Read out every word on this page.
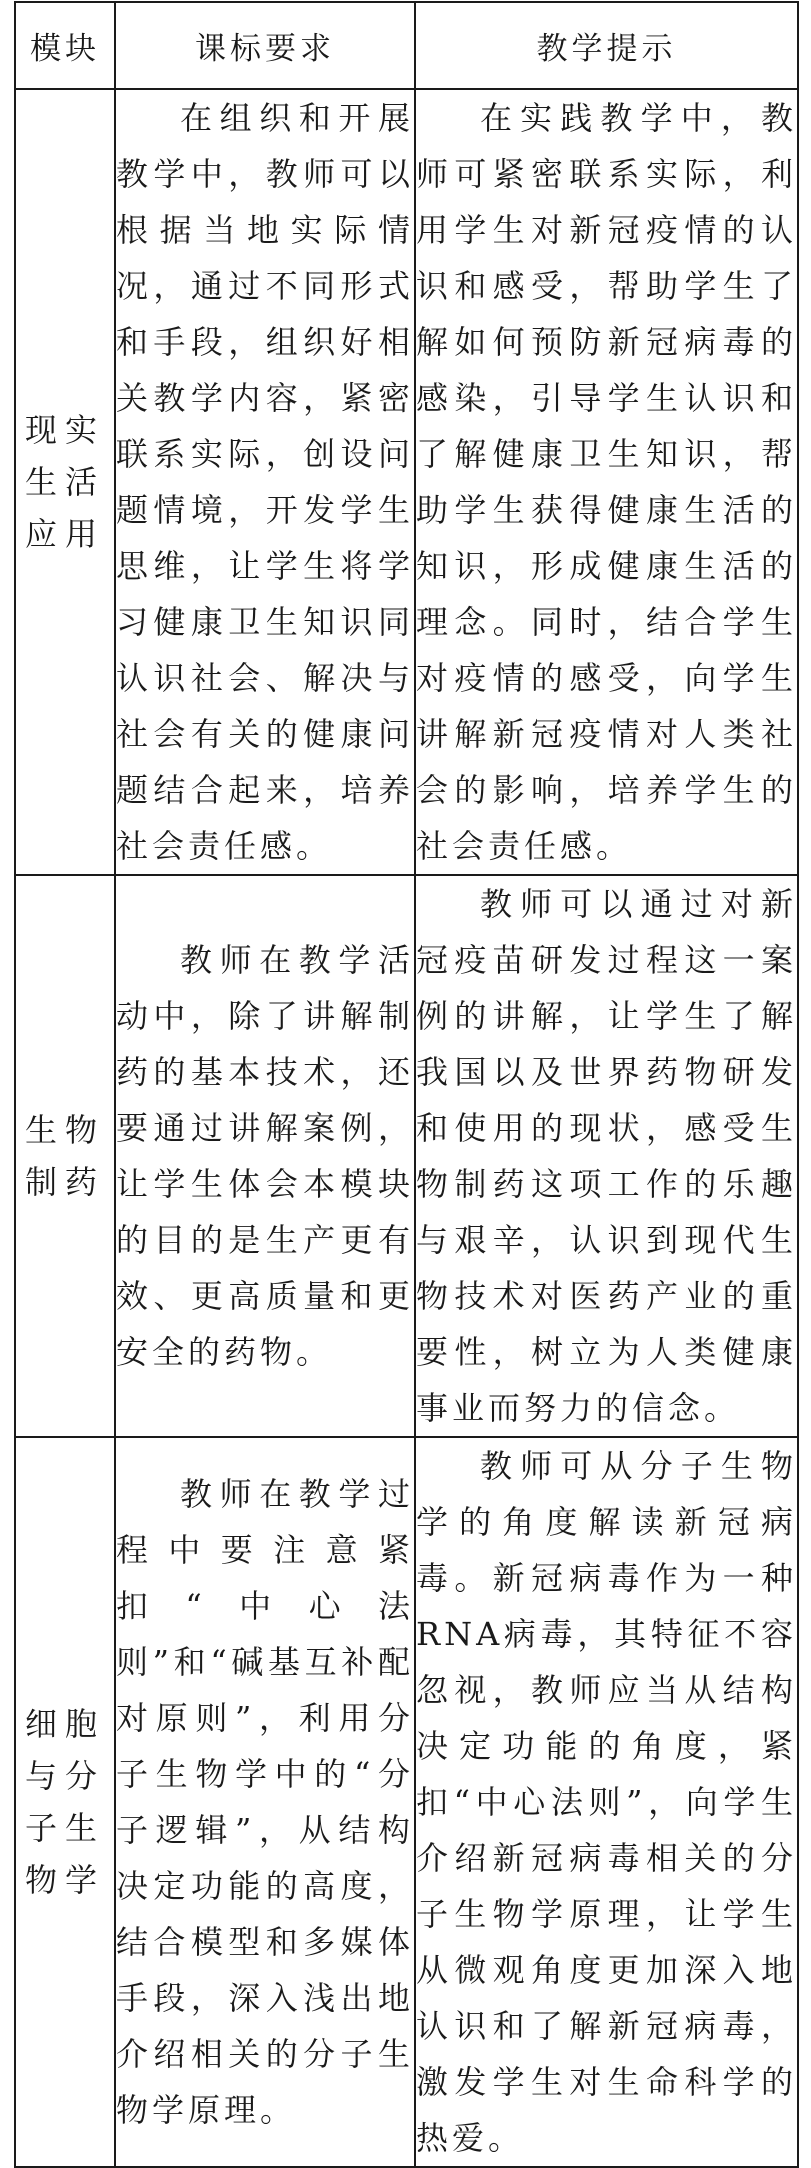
模块	课标要求	教学提示

现实
生活
应用	在组织和开展教学中，教师可以根据当地实际情况，通过不同形式和手段，组织好相关教学内容，紧密联系实际，创设问题情境，开发学生思维，让学生将学习健康卫生知识同认识社会、解决与社会有关的健康问题结合起来，培养社会责任感。	在实践教学中，教师可紧密联系实际，利用学生对新冠疫情的认识和感受，帮助学生了解如何预防新冠病毒的感染，引导学生认识和了解健康卫生知识，帮助学生获得健康生活的知识，形成健康生活的理念。同时，结合学生对疫情的感受，向学生讲解新冠疫情对人类社会的影响，培养学生的社会责任感。

生物
制药	教师在教学活动中，除了讲解制药的基本技术，还要通过讲解案例，让学生体会本模块的目的是生产更有效、更高质量和更安全的药物。	教师可以通过对新冠疫苗研发过程这一案例的讲解，让学生了解我国以及世界药物研发和使用的现状，感受生物制药这项工作的乐趣与艰辛，认识到现代生物技术对医药产业的重要性，树立为人类健康事业而努力的信念。

细胞
与分
子生
物学	教师在教学过程中要注意紧扣“中心法则”和“碱基互补配对原则”，利用分子生物学中的“分子逻辑”，从结构决定功能的高度，结合模型和多媒体手段，深入浅出地介绍相关的分子生物学原理。	教师可从分子生物学的角度解读新冠病毒。新冠病毒作为一种RNA病毒，其特征不容忽视，教师应当从结构决定功能的角度，紧扣“中心法则”，向学生介绍新冠病毒相关的分子生物学原理，让学生从微观角度更加深入地认识和了解新冠病毒，激发学生对生命科学的热爱。
